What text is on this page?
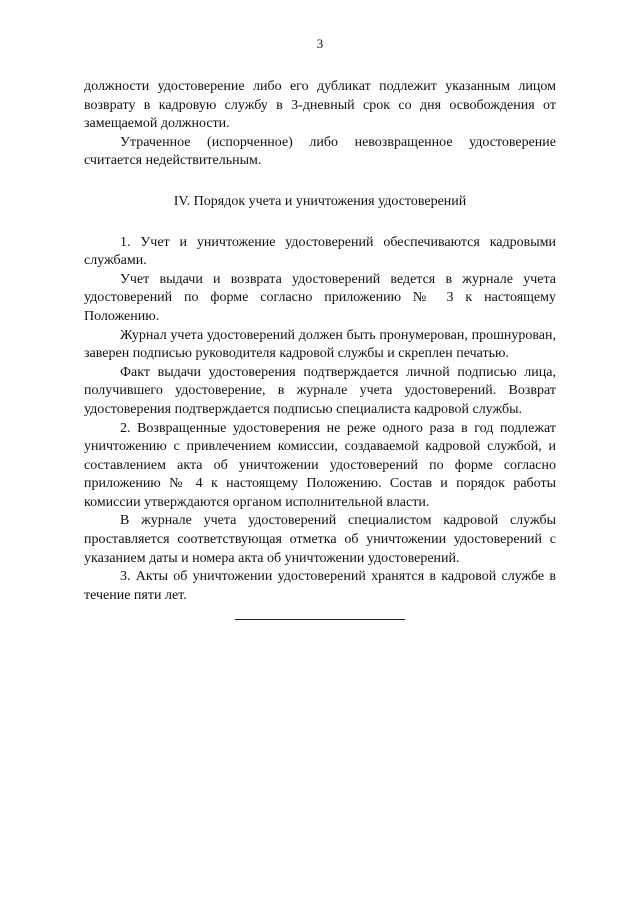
3

должности удостоверение либо его дубликат подлежит указанным лицом возврату в кадровую службу в 3-дневный срок со дня освобождения от замещаемой должности.

Утраченное (испорченное) либо невозвращенное удостоверение считается недействительным.

IV. Порядок учета и уничтожения удостоверений

1. Учет и уничтожение удостоверений обеспечиваются кадровыми службами.

Учет выдачи и возврата удостоверений ведется в журнале учета удостоверений по форме согласно приложению № 3 к настоящему Положению.

Журнал учета удостоверений должен быть пронумерован, прошнурован, заверен подписью руководителя кадровой службы и скреплен печатью.

Факт выдачи удостоверения подтверждается личной подписью лица, получившего удостоверение, в журнале учета удостоверений. Возврат удостоверения подтверждается подписью специалиста кадровой службы.

2. Возвращенные удостоверения не реже одного раза в год подлежат уничтожению с привлечением комиссии, создаваемой кадровой службой, и составлением акта об уничтожении удостоверений по форме согласно приложению № 4 к настоящему Положению. Состав и порядок работы комиссии утверждаются органом исполнительной власти.

В журнале учета удостоверений специалистом кадровой службы проставляется соответствующая отметка об уничтожении удостоверений с указанием даты и номера акта об уничтожении удостоверений.

3. Акты об уничтожении удостоверений хранятся в кадровой службе в течение пяти лет.
